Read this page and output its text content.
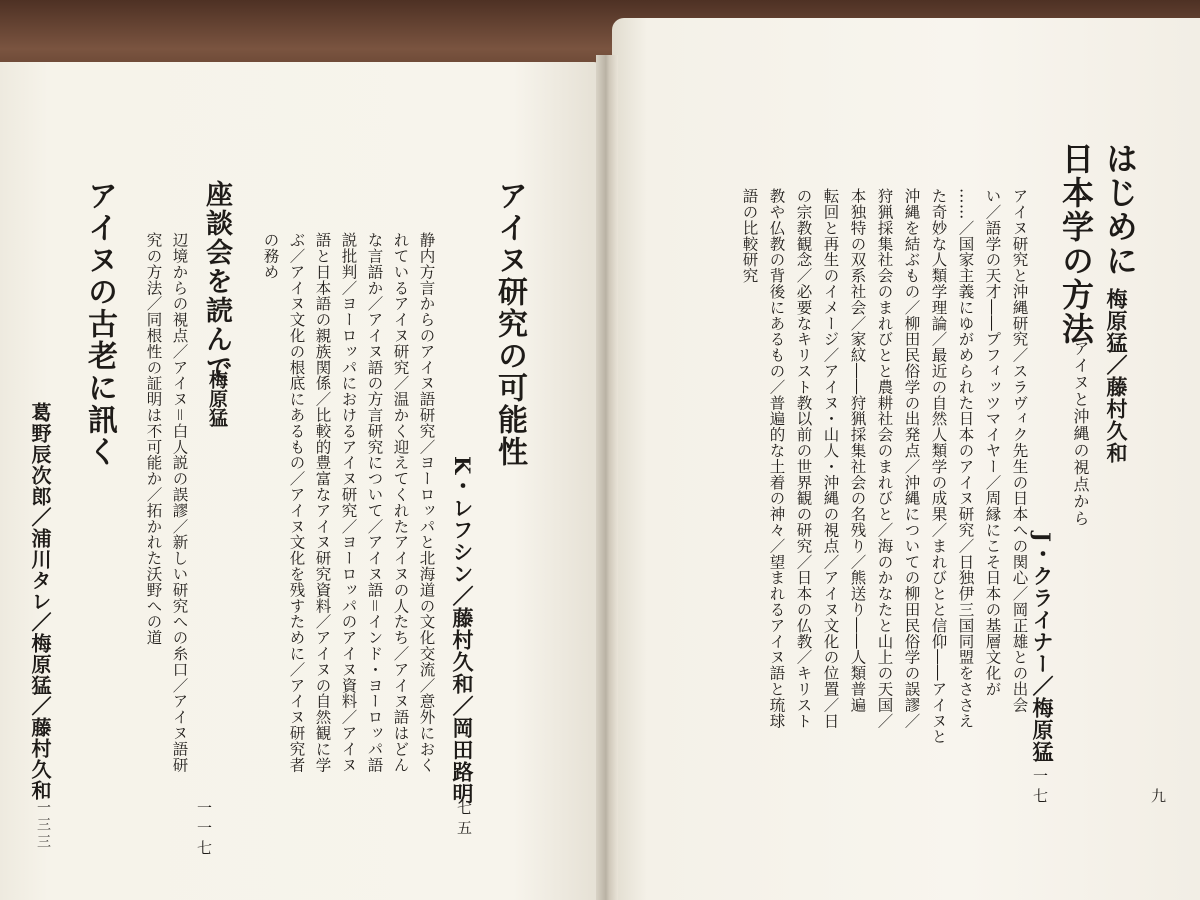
九
はじめに
梅原猛／藤村久和
日本学の方法
アイヌと沖縄の視点から
J・クライナー／梅原猛
一七
アイヌ研究と沖縄研究／スラヴィク先生の日本への関心／岡正雄との出会
い／語学の天才――プフィッツマイヤー／周縁にこそ日本の基層文化が
……／国家主義にゆがめられた日本のアイヌ研究／日独伊三国同盟をささえ
た奇妙な人類学理論／最近の自然人類学の成果／まれびとと信仰――アイヌと
沖縄を結ぶもの／柳田民俗学の出発点／沖縄についての柳田民俗学の誤謬／
狩猟採集社会のまれびとと農耕社会のまれびと／海のかなたと山上の天国／
本独特の双系社会／家紋――狩猟採集社会の名残り／熊送り――人類普遍
転回と再生のイメージ／アイヌ・山人・沖縄の視点／アイヌ文化の位置／日
の宗教観念／必要なキリスト教以前の世界観の研究／日本の仏教／キリスト
教や仏教の背後にあるもの／普遍的な土着の神々／望まれるアイヌ語と琉球
語の比較研究
アイヌ研究の可能性
K・レフシン／藤村久和／岡田路明
七五
静内方言からのアイヌ語研究／ヨーロッパと北海道の文化交流／意外におく
れているアイヌ研究／温かく迎えてくれたアイヌの人たち／アイヌ語はどん
な言語か／アイヌ語の方言研究について／アイヌ語＝インド・ヨーロッパ語
説批判／ヨーロッパにおけるアイヌ研究／ヨーロッパのアイヌ資料／アイヌ
語と日本語の親族関係／比較的豊富なアイヌ研究資料／アイヌの自然観に学
ぶ／アイヌ文化の根底にあるもの／アイヌ文化を残すために／アイヌ研究者
の務め
座談会を読んで
梅原猛
一一七
辺境からの視点／アイヌ＝白人説の誤謬／新しい研究への糸口／アイヌ語研
究の方法／同根性の証明は不可能か／拓かれた沃野への道
アイヌの古老に訊く
葛野辰次郎／浦川タレ／梅原猛／藤村久和
一三三
